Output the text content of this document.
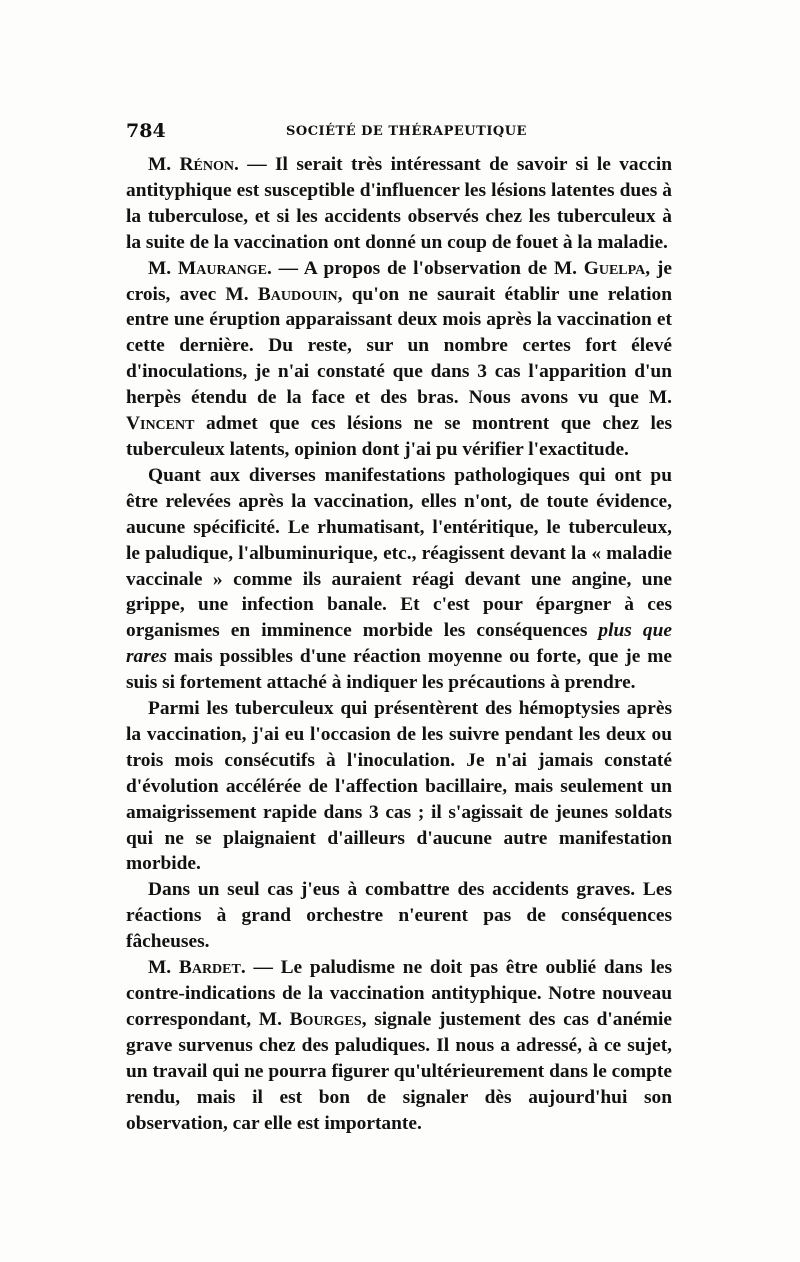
784	SOCIÉTÉ DE THÉRAPEUTIQUE

M. Rénon. — Il serait très intéressant de savoir si le vaccin antityphique est susceptible d'influencer les lésions latentes dues à la tuberculose, et si les accidents observés chez les tuberculeux à la suite de la vaccination ont donné un coup de fouet à la maladie.

M. Maurange. — A propos de l'observation de M. Guelpa, je crois, avec M. Baudouin, qu'on ne saurait établir une relation entre une éruption apparaissant deux mois après la vaccination et cette dernière. Du reste, sur un nombre certes fort élevé d'inoculations, je n'ai constaté que dans 3 cas l'apparition d'un herpès étendu de la face et des bras. Nous avons vu que M. Vincent admet que ces lésions ne se montrent que chez les tuberculeux latents, opinion dont j'ai pu vérifier l'exactitude.

Quant aux diverses manifestations pathologiques qui ont pu être relevées après la vaccination, elles n'ont, de toute évidence, aucune spécificité. Le rhumatisant, l'entéritique, le tuberculeux, le paludique, l'albuminurique, etc., réagissent devant la « maladie vaccinale » comme ils auraient réagi devant une angine, une grippe, une infection banale. Et c'est pour épargner à ces organismes en imminence morbide les conséquences plus que rares mais possibles d'une réaction moyenne ou forte, que je me suis si fortement attaché à indiquer les précautions à prendre.

Parmi les tuberculeux qui présentèrent des hémoptysies après la vaccination, j'ai eu l'occasion de les suivre pendant les deux ou trois mois consécutifs à l'inoculation. Je n'ai jamais constaté d'évolution accélérée de l'affection bacillaire, mais seulement un amaigrissement rapide dans 3 cas ; il s'agissait de jeunes soldats qui ne se plaignaient d'ailleurs d'aucune autre manifestation morbide.

Dans un seul cas j'eus à combattre des accidents graves. Les réactions à grand orchestre n'eurent pas de conséquences fâcheuses.

M. Bardet. — Le paludisme ne doit pas être oublié dans les contre-indications de la vaccination antityphique. Notre nouveau correspondant, M. Bourges, signale justement des cas d'anémie grave survenus chez des paludiques. Il nous a adressé, à ce sujet, un travail qui ne pourra figurer qu'ultérieurement dans le compte rendu, mais il est bon de signaler dès aujourd'hui son observation, car elle est importante.
